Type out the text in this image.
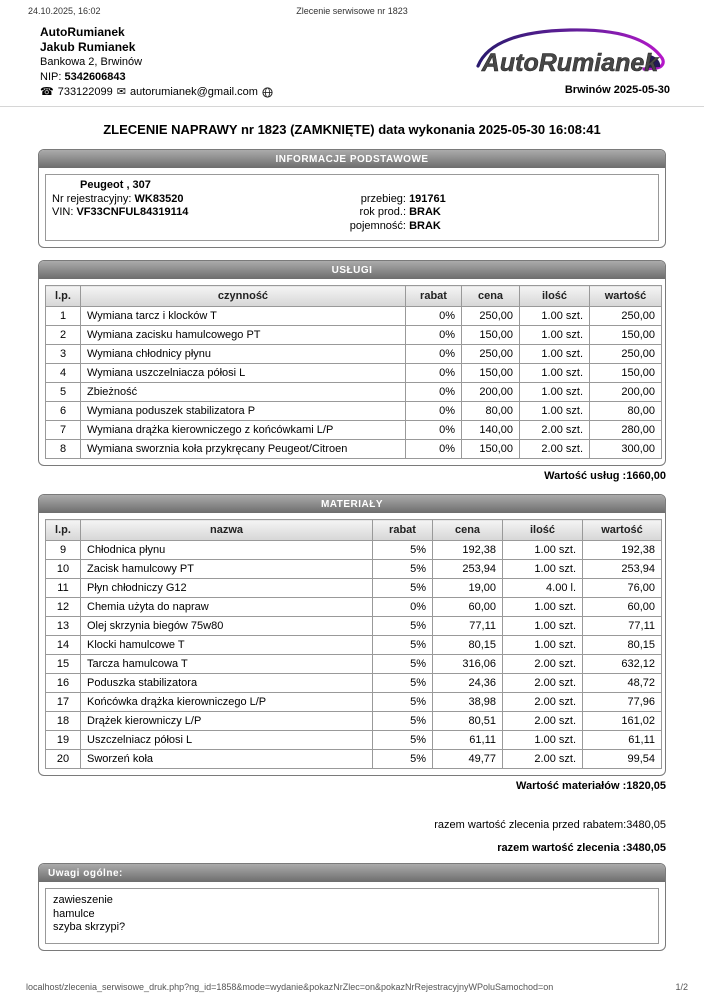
24.10.2025, 16:02	Zlecenie serwisowe nr 1823
AutoRumianek
Jakub Rumianek
Bankowa 2, Brwinów
NIP: 5342606843
☎ 733122099 ✉ autorumianek@gmail.com
AutoRumianek
Brwinów 2025-05-30
ZLECENIE NAPRAWY nr 1823 (ZAMKNIĘTE) data wykonania 2025-05-30 16:08:41
INFORMACJE PODSTAWOWE
Peugeot , 307
Nr rejestracyjny: WK83520
VIN: VF33CNFUL84319114

przebieg: 191761
rok prod.: BRAK
pojemność: BRAK
USŁUGI
l.p.	czynność	rabat	cena	ilość	wartość
1	Wymiana tarcz i klocków T	0%	250,00	1.00 szt.	250,00
2	Wymiana zacisku hamulcowego PT	0%	150,00	1.00 szt.	150,00
3	Wymiana chłodnicy płynu	0%	250,00	1.00 szt.	250,00
4	Wymiana uszczelniacza półosi L	0%	150,00	1.00 szt.	150,00
5	Zbieżność	0%	200,00	1.00 szt.	200,00
6	Wymiana poduszek stabilizatora P	0%	80,00	1.00 szt.	80,00
7	Wymiana drążka kierowniczego z końcówkami L/P	0%	140,00	2.00 szt.	280,00
8	Wymiana sworznia koła przykręcany Peugeot/Citroen	0%	150,00	2.00 szt.	300,00
Wartość usług :1660,00
MATERIAŁY
l.p.	nazwa	rabat	cena	ilość	wartość
9	Chłodnica płynu	5%	192,38	1.00 szt.	192,38
10	Zacisk hamulcowy PT	5%	253,94	1.00 szt.	253,94
11	Płyn chłodniczy G12	5%	19,00	4.00 l.	76,00
12	Chemia użyta do napraw	0%	60,00	1.00 szt.	60,00
13	Olej skrzynia biegów 75w80	5%	77,11	1.00 szt.	77,11
14	Klocki hamulcowe T	5%	80,15	1.00 szt.	80,15
15	Tarcza hamulcowa T	5%	316,06	2.00 szt.	632,12
16	Poduszka stabilizatora	5%	24,36	2.00 szt.	48,72
17	Końcówka drążka kierowniczego L/P	5%	38,98	2.00 szt.	77,96
18	Drążek kierowniczy L/P	5%	80,51	2.00 szt.	161,02
19	Uszczelniacz półosi L	5%	61,11	1.00 szt.	61,11
20	Sworzeń koła	5%	49,77	2.00 szt.	99,54
Wartość materiałów :1820,05
razem wartość zlecenia przed rabatem:3480,05
razem wartość zlecenia :3480,05
Uwagi ogólne:
zawieszenie
hamulce
szyba skrzypi?
localhost/zlecenia_serwisowe_druk.php?ng_id=1858&mode=wydanie&pokazNrZlec=on&pokazNrRejestracyjnyWPoluSamochod=on	1/2
